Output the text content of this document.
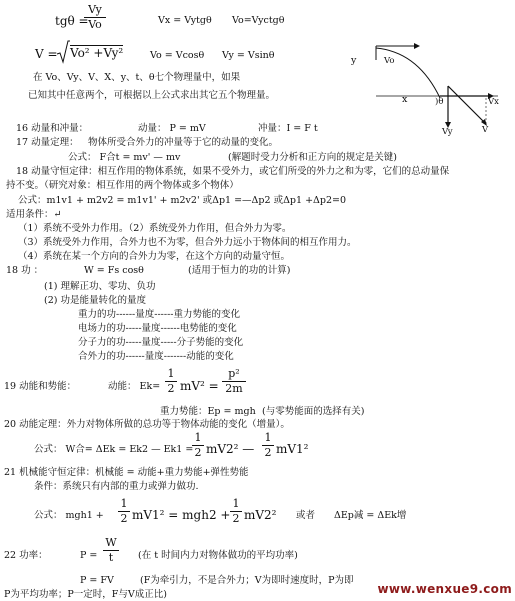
tgθ =
Vy
Vo	Vx = Vytgθ Vo=Vyctgθ
V = Vo² +Vy²	Vo = Vcosθ Vy = Vsinθ
在 Vo、Vy、V、X、y、t、θ七个物理量中，如果
已知其中任意两个，可根据以上公式求出其它五个物理量。
y	Vo
x	)θ	Vx
Vy	V
16 动量和冲量：	动量： P = mV	冲量：I = F t
17 动量定理： 物体所受合外力的冲量等于它的动量的变化。
公式： F合t = mv' — mv	(解题时受力分析和正方向的规定是关键)
18 动量守恒定律：相互作用的物体系统，如果不受外力，或它们所受的外力之和为零，它们的总动量保
持不变。（研究对象：相互作用的两个物体或多个物体）
公式：m1v1 + m2v2 = m1v1' + m2v2' 或Δp1 =—Δp2 或Δp1 +Δp2=0
适用条件：↵
（1）系统不受外力作用。（2）系统受外力作用，但合外力为零。
（3）系统受外力作用，合外力也不为零，但合外力远小于物体间的相互作用力。
（4）系统在某一个方向的合外力为零，在这个方向的动量守恒。
18 功 ：	W = Fs cosθ	(适用于恒力的功的计算)
(1) 理解正功、零功、负功
(2) 功是能量转化的量度
重力的功------量度------重力势能的变化
电场力的功-----量度------电势能的变化
分子力的功-----量度-----分子势能的变化
合外力的功------量度-------动能的变化
19 动能和势能：	动能： Ek=
1
2 mV² =
p²
2m
重力势能：Ep = mgh (与零势能面的选择有关)
20 动能定理：外力对物体所做的总功等于物体动能的变化（增量）。
公式： W合= ΔEk = Ek2 — Ek1 =
1
2 mV2² —
1
2 mV1²
21 机械能守恒定律：机械能 = 动能+重力势能+弹性势能
条件：系统只有内部的重力或弹力做功.
公式： mgh1 +
1
2 mV1² = mgh2 +
1
2 mV2² 或者 ΔEp减 = ΔEk增
22 功率：	P =
W
t	(在 t 时间内力对物体做功的平均功率)
P = FV	(F为牵引力，不是合外力；V为即时速度时，P为即
P为平均功率；P一定时，F与V成正比)	www.wenxue9.com
